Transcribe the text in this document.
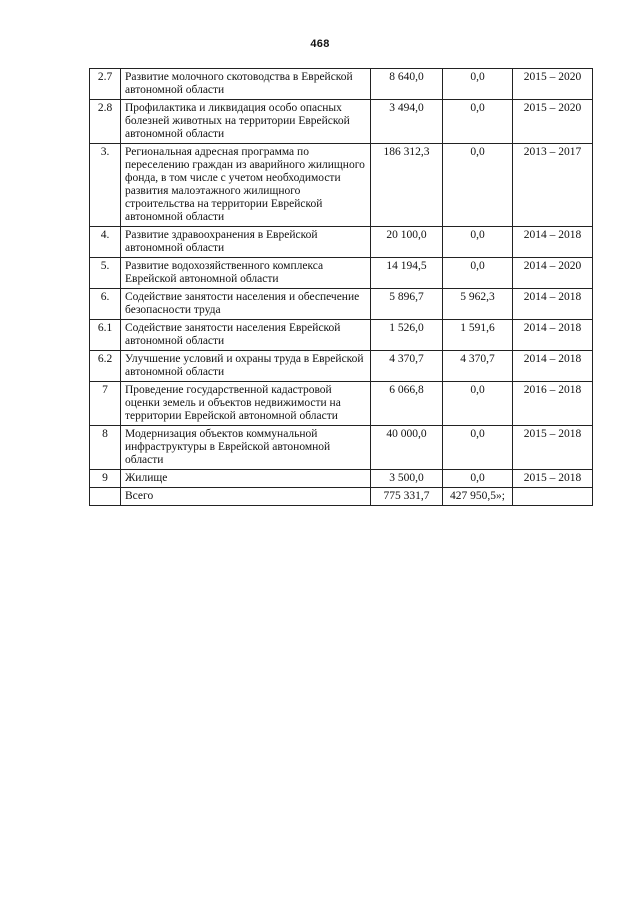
468
2.7	Развитие молочного скотоводства в Еврейской автономной области	8 640,0	0,0	2015 – 2020
2.8	Профилактика и ликвидация особо опасных болезней животных на территории Еврейской автономной области	3 494,0	0,0	2015 – 2020
3.	Региональная адресная программа по переселению граждан из аварийного жилищного фонда, в том числе с учетом необходимости развития малоэтажного жилищного строительства на территории Еврейской автономной области	186 312,3	0,0	2013 – 2017
4.	Развитие здравоохранения в Еврейской автономной области	20 100,0	0,0	2014 – 2018
5.	Развитие водохозяйственного комплекса Еврейской автономной области	14 194,5	0,0	2014 – 2020
6.	Содействие занятости населения и обеспечение безопасности труда	5 896,7	5 962,3	2014 – 2018
6.1	Содействие занятости населения Еврейской автономной области	1 526,0	1 591,6	2014 – 2018
6.2	Улучшение условий и охраны труда в Еврейской автономной области	4 370,7	4 370,7	2014 – 2018
7	Проведение государственной кадастровой оценки земель и объектов недвижимости на территории Еврейской автономной области	6 066,8	0,0	2016 – 2018
8	Модернизация объектов коммунальной инфраструктуры в Еврейской автономной области	40 000,0	0,0	2015 – 2018
9	Жилище	3 500,0	0,0	2015 – 2018
	Всего	775 331,7	427 950,5»;	
